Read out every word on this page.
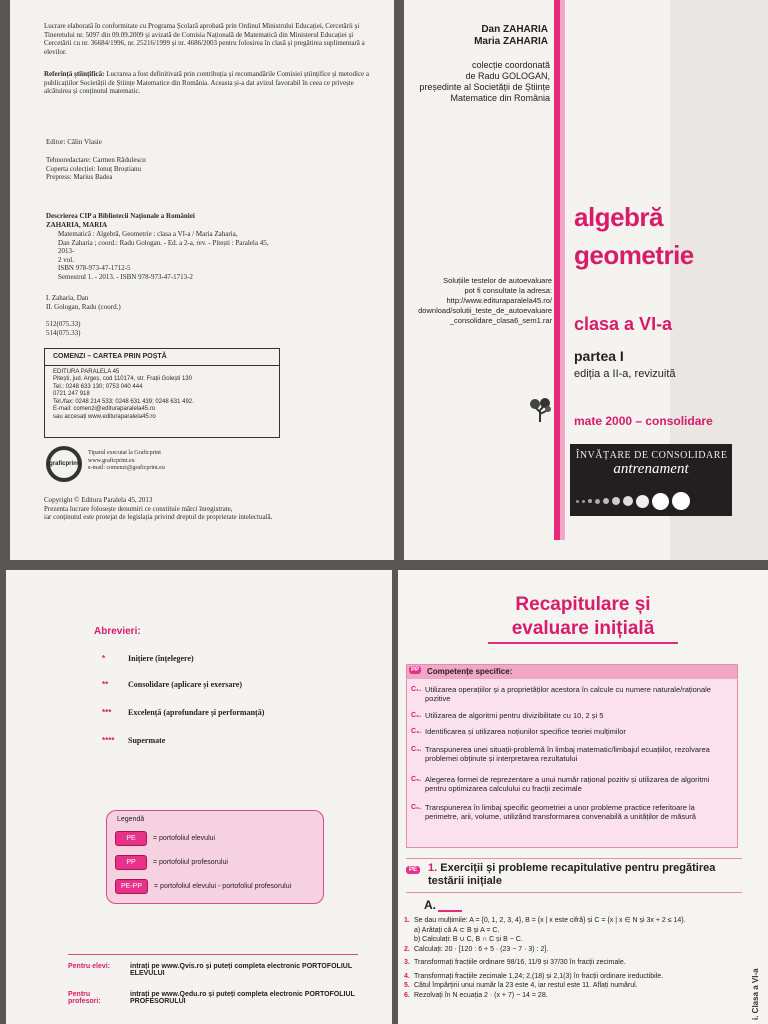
Lucrare elaborată în conformitate cu Programa Școlară aprobată prin Ordinul Ministrului Educației, Cercetării și Tineretului nr. 5097 din 09.09.2009 și avizată de Comisia Națională de Matematică din Ministerul Educației și Cercetării cu nr. 36684/1996, nr. 25216/1999 și nr. 4686/2003 pentru folosirea în clasă și pregătirea suplimentară a elevilor.

Referință științifică: Lucrarea a fost definitivată prin contribuția și recomandările Comisiei științifice și metodice a publicațiilor Societății de Științe Matematice din România. Aceasta și-a dat avizul favorabil în ceea ce privește alcătuirea și conținutul matematic.

Editor: Călin Vlasie

Tehnoredactare: Carmen Rădulescu
Coperta colecției: Ionuț Broștianu
Prepress: Marius Badea

Descrierea CIP a Bibliotecii Naționale a României

ZAHARIA, MARIA

Matematică : Algebră, Geometrie : clasa a VI-a / Maria Zaharia,
Dan Zaharia ; coord.: Radu Gologan. - Ed. a 2-a, rev. - Pitești : Paralela 45,
2013-
2 vol.
ISBN 978-973-47-1712-5
Semestrul 1. - 2013. - ISBN 978-973-47-1713-2

I. Zaharia, Dan
II. Gologan, Radu (coord.)

512(075.33)
514(075.33)

COMENZI – CARTEA PRIN POȘTĂ

EDITURA PARALELA 45
Pitești, jud. Argeș, cod 110174, str. Frații Golești 130
Tel.: 0248 633 130; 0753 040 444
0721 247 918
Tel./fax: 0248 214 533; 0248 631 439; 0248 631 492.
E-mail: comenzi@edituraparalela45.ro
sau accesați www.edituraparalela45.ro

graficprint

Tiparul executat la Graficprint
www.graficprint.eu
e-mail: comenzi@graficprint.eu

Copyright © Editura Paralela 45, 2013
Prezenta lucrare folosește denumiri ce constituie mărci înregistrate,
iar conținutul este protejat de legislația privind dreptul de proprietate intelectuală.

Dan ZAHARIA
Maria ZAHARIA

colecție coordonată
de Radu GOLOGAN,
președinte al Societății de Științe
Matematice din România

algebră

geometrie

Soluțiile testelor de autoevaluare
pot fi consultate la adresa:
http://www.edituraparalela45.ro/
download/solutii_teste_de_autoevaluare
_consolidare_clasa6_sem1.rar clasa a VI-a

partea I

ediția a II-a, revizuită

mate 2000 – consolidare

ÎNVĂȚARE DE CONSOLIDARE

antrenament

Abrevieri:

*	Inițiere (înțelegere)
** Consolidare (aplicare și exersare)
*** Excelență (aprofundare și performanță)
**** Supermate

Legendă

PE	= portofoliul elevului
PP	= portofoliul profesorului
PE-PP	= portofoliul elevului - portofoliul profesorului
Pentru elevi:	intrați pe www.Qvis.ro și puteți completa electronic PORTOFOLIUL ELEVULUI
Pentru profesori:
intrați pe www.Qedu.ro și puteți completa electronic PORTOFOLIUL PROFESORULUI

Recapitulare și

evaluare inițială

PP Competențe specifice:
C₁. Utilizarea operațiilor și a proprietăților acestora în calcule cu numere naturale/raționale pozitive
C₂. Utilizarea de algoritmi pentru divizibilitate cu 10, 2 și 5
C₃. Identificarea și utilizarea noțiunilor specifice teoriei mulțimilor
C₄. Transpunerea unei situații-problemă în limbaj matematic/limbajul ecuațiilor, rezolvarea problemei obținute și interpretarea rezultatului
C₅. Alegerea formei de reprezentare a unui număr rațional pozitiv și utilizarea de algoritmi pentru optimizarea calculului cu fracții zecimale
C₆. Transpunerea în limbaj specific geometriei a unor probleme practice referitoare la perimetre, arii, volume, utilizând transformarea convenabilă a unităților de măsură
PE 1. Exerciții și probleme recapitulative pentru pregătirea testării inițiale

A.

1. Se dau mulțimile: A = {0, 1, 2, 3, 4}, B = {x | x este cifră} și C = {x | x ∈ N și 3x + 2 ≤ 14}.
a) Arătați că A ⊂ B și A = C.
b) Calculați: B ∪ C, B ∩ C și B − C.
2. Calculați: 20 · [120 : 6 + 5 · (23 − 7 · 3) : 2].
3. Transformați fracțiile ordinare 98/16, 11/9 și 37/30 în fracții zecimale.
4. Transformați fracțiile zecimale 1,24; 2,(18) și 2,1(3) în fracții ordinare ireductibile.
5. Câtul împărțirii unui număr la 23 este 4, iar restul este 11. Aflați numărul.
6. Rezolvați în N ecuația 2 · (x + 7) − 14 = 28.	i. Clasa a VI-a
